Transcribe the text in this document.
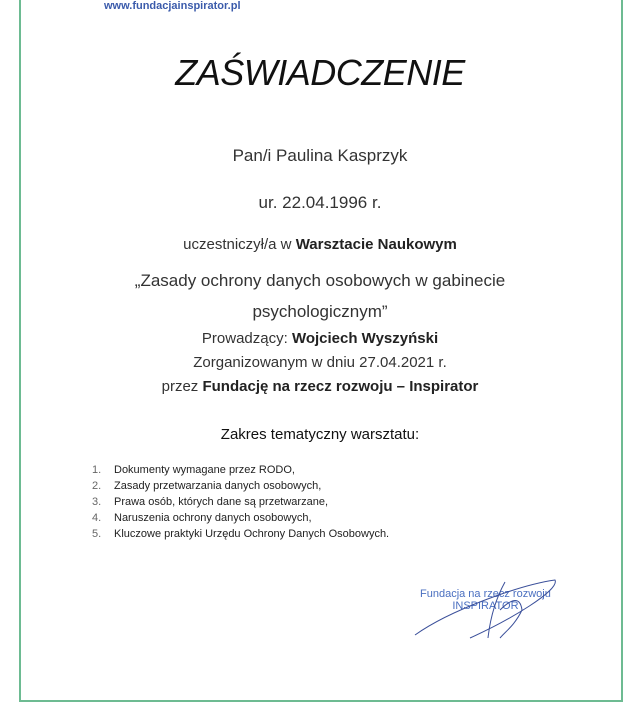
www.fundacjainspirator.pl
ZAŚWIADCZENIE
Pan/i Paulina Kasprzyk
ur. 22.04.1996 r.
uczestniczył/a w Warsztacie Naukowym
„Zasady ochrony danych osobowych w gabinecie
psychologicznym”
Prowadzący: Wojciech Wyszyński
Zorganizowanym w dniu 27.04.2021 r.
przez Fundację na rzecz rozwoju – Inspirator
Zakres tematyczny warsztatu:
1. Dokumenty wymagane przez RODO,
2. Zasady przetwarzania danych osobowych,
3. Prawa osób, których dane są przetwarzane,
4. Naruszenia ochrony danych osobowych,
5. Kluczowe praktyki Urzędu Ochrony Danych Osobowych.
Fundacja na rzecz rozwoju
INSPIRATOR
